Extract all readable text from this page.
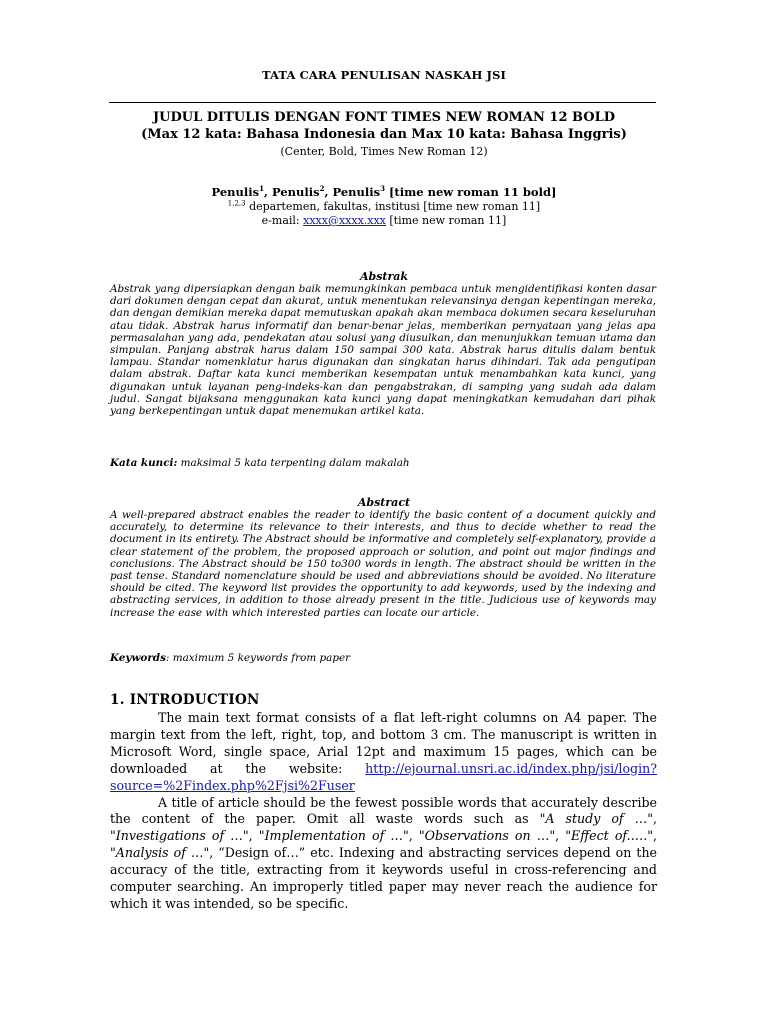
TATA CARA PENULISAN NASKAH JSI
JUDUL DITULIS DENGAN FONT TIMES NEW ROMAN 12 BOLD
(Max 12 kata: Bahasa Indonesia dan Max 10 kata: Bahasa Inggris)
(Center, Bold, Times New Roman 12)
Penulis$^1$, Penulis$^2$, Penulis$^3$ [time new roman 11 bold]
$^{1,2,3}$ departemen, fakultas, institusi [time new roman 11]
e-mail: xxxx@xxxx.xxx [time new roman 11]
Abstrak
Abstrak yang dipersiapkan dengan baik memungkinkan pembaca untuk mengidentifikasi konten dasar dari dokumen dengan cepat dan akurat, untuk menentukan relevansinya dengan kepentingan mereka, dan dengan demikian mereka dapat memutuskan apakah akan membaca dokumen secara keseluruhan atau tidak. Abstrak harus informatif dan benar-benar jelas, memberikan pernyataan yang jelas apa permasalahan yang ada, pendekatan atau solusi yang diusulkan, dan menunjukkan temuan utama dan simpulan. Panjang abstrak harus dalam 150 sampai 300 kata. Abstrak harus ditulis dalam bentuk lampau. Standar nomenklatur harus digunakan dan singkatan harus dihindari. Tak ada pengutipan dalam abstrak. Daftar kata kunci memberikan kesempatan untuk menambahkan kata kunci, yang digunakan untuk layanan peng-indeks-kan dan pengabstrakan, di samping yang sudah ada dalam judul. Sangat bijaksana menggunakan kata kunci yang dapat meningkatkan kemudahan dari pihak yang berkepentingan untuk dapat menemukan artikel kata.
Kata kunci: maksimal 5 kata terpenting dalam makalah
Abstract
A well-prepared abstract enables the reader to identify the basic content of a document quickly and accurately, to determine its relevance to their interests, and thus to decide whether to read the document in its entirety. The Abstract should be informative and completely self-explanatory, provide a clear statement of the problem, the proposed approach or solution, and point out major findings and conclusions. The Abstract should be 150 to300 words in length. The abstract should be written in the past tense. Standard nomenclature should be used and abbreviations should be avoided. No literature should be cited. The keyword list provides the opportunity to add keywords, used by the indexing and abstracting services, in addition to those already present in the title. Judicious use of keywords may increase the ease with which interested parties can locate our article.
Keywords: maximum 5 keywords from paper
1. INTRODUCTION

The main text format consists of a flat left-right columns on A4 paper. The margin text from the left, right, top, and bottom 3 cm. The manuscript is written in Microsoft Word, single space, Arial 12pt and maximum 15 pages, which can be downloaded at the website: http://ejournal.unsri.ac.id/index.php/jsi/login?source=%2Findex.php%2Fjsi%2Fuser

A title of article should be the fewest possible words that accurately describe the content of the paper. Omit all waste words such as "A study of …", "Investigations of …", "Implementation of …", "Observations on …", "Effect of.….", "Analysis of …", “Design of…” etc. Indexing and abstracting services depend on the accuracy of the title, extracting from it keywords useful in cross-referencing and computer searching. An improperly titled paper may never reach the audience for which it was intended, so be specific.
